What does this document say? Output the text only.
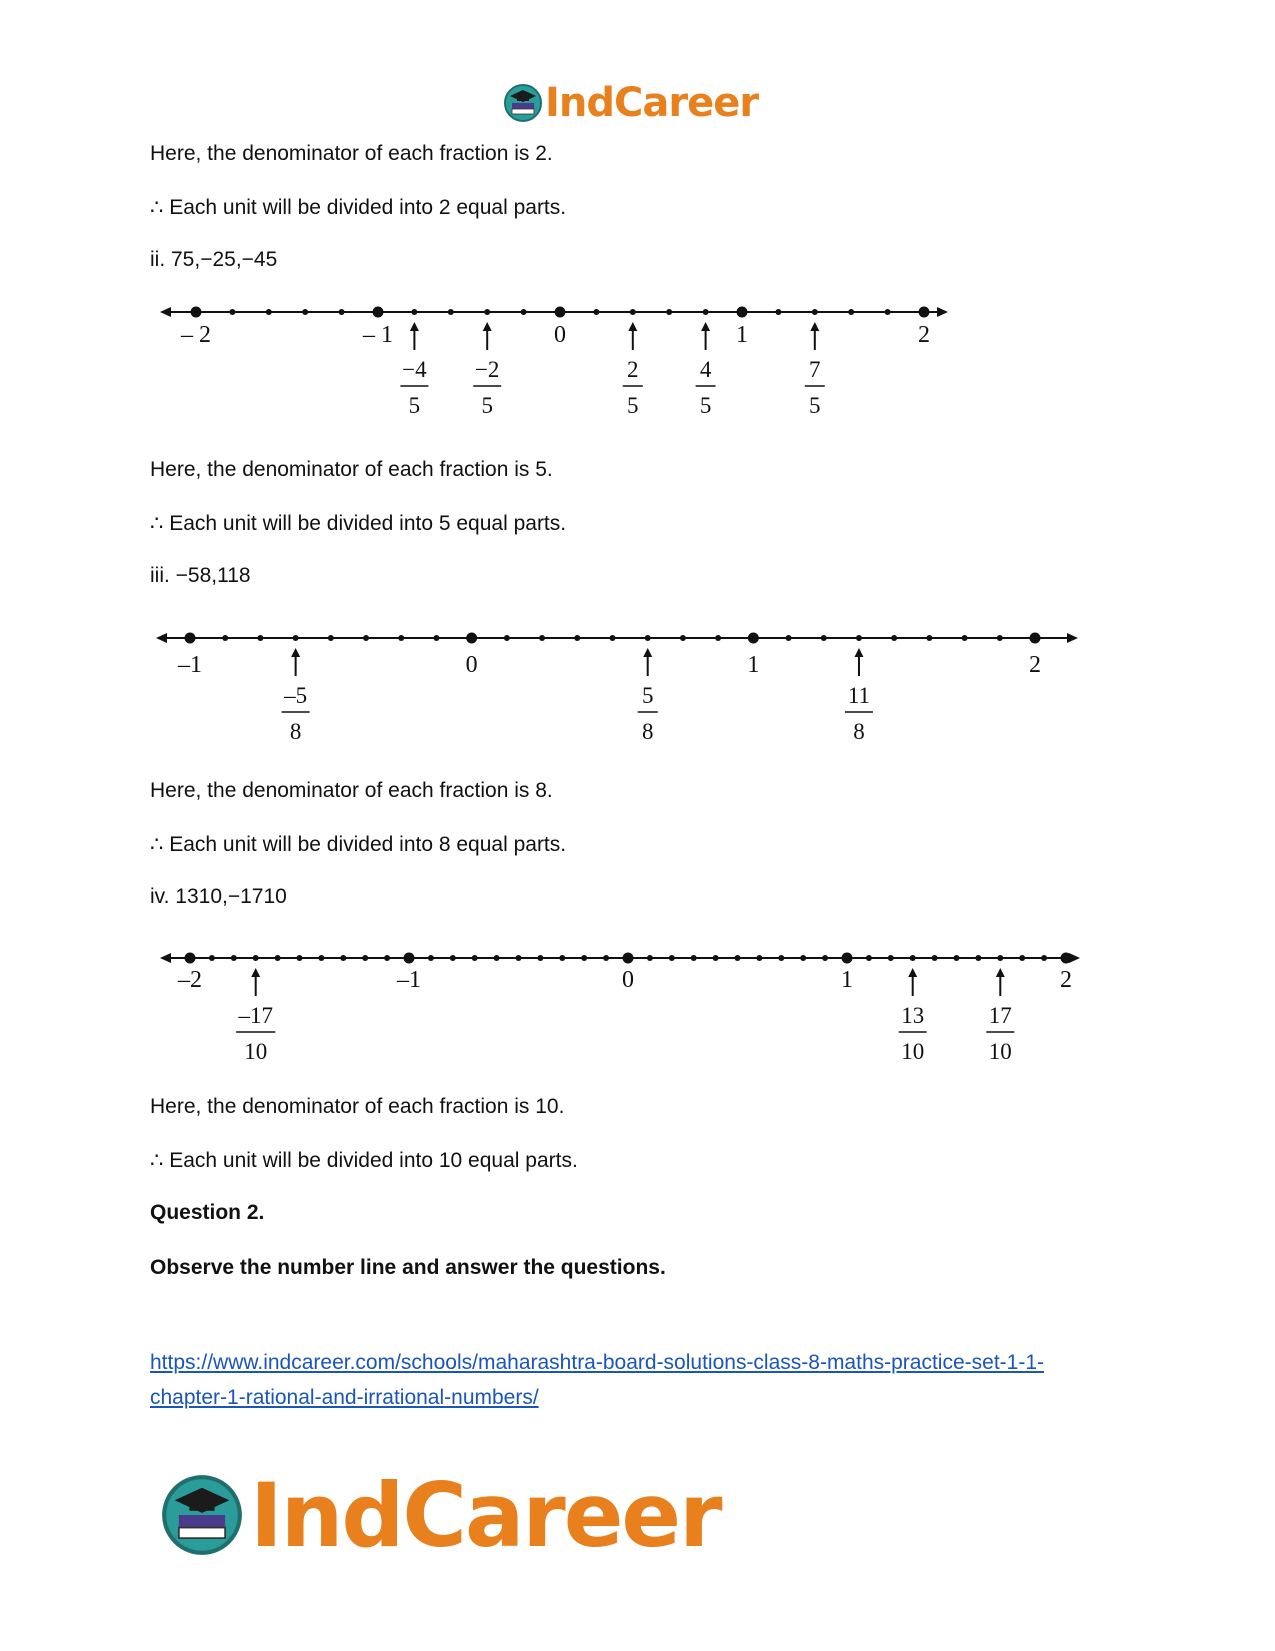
IndCareer
Here, the denominator of each fraction is 2.
∴ Each unit will be divided into 2 equal parts.
ii. 75,−25,−45
– 2	– 1	0	1	2
−4
5
−2
5
2
5
4
5
7
5
Here, the denominator of each fraction is 5.
∴ Each unit will be divided into 5 equal parts.
iii. −58,118
–1	0	1	2
–5
8
5
8
11
8
Here, the denominator of each fraction is 8.
∴ Each unit will be divided into 8 equal parts.
iv. 1310,−1710
–2	–1	0	1	2
–17
10
13
10
17
10
Here, the denominator of each fraction is 10.
∴ Each unit will be divided into 10 equal parts.
Question 2.
Observe the number line and answer the questions.
https://www.indcareer.com/schools/maharashtra-board-solutions-class-8-maths-practice-set-1-1-
chapter-1-rational-and-irrational-numbers/
IndCareer
